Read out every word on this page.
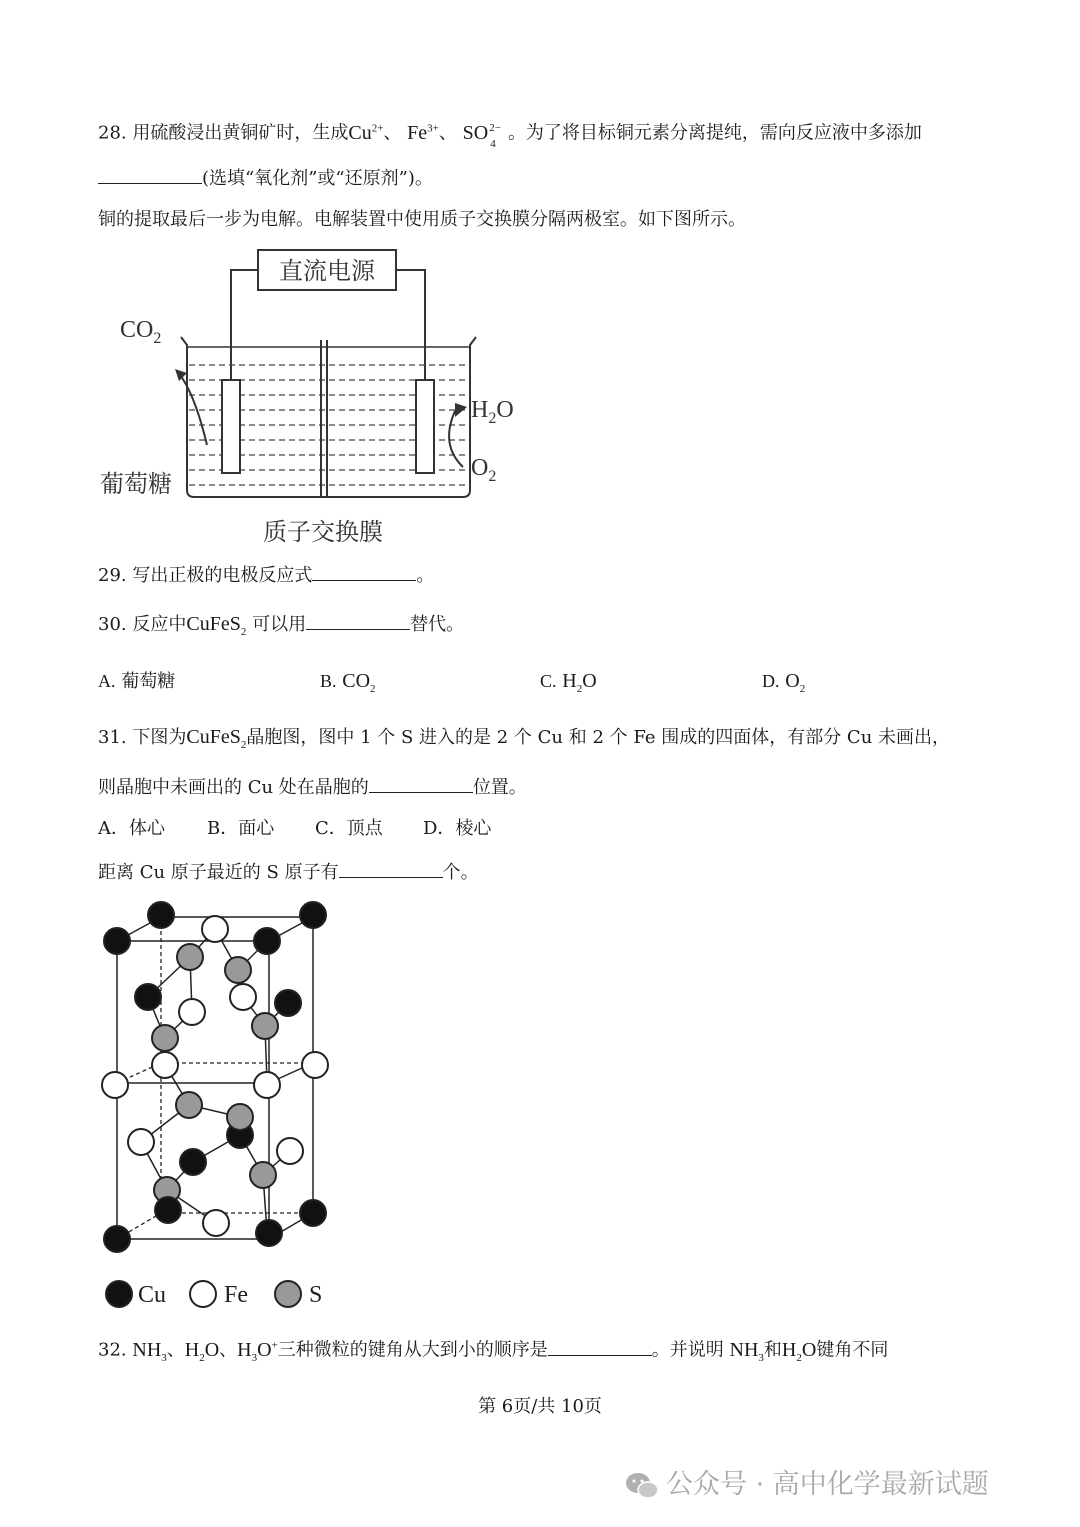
28. 用硫酸浸出黄铜矿时，生成$Cu^{2+}$、 $Fe^{3+}$、 SO 2−
4 。为了将目标铜元素分离提纯，需向反应液中多添加
(选填“氧化剂”或“还原剂”)。
铜的提取最后一步为电解。电解装置中使用质子交换膜分隔两极室。如下图所示。
直流电源
$CO_2$
$H_2O$
$O_2$
葡萄糖
质子交换膜
29. 写出正极的电极反应式	。
30. 反应中CuFeS$_2$ 可以用	替代。
A. 葡萄糖	B. $CO_2$	C. $H_2O$	D. $O_2$
31. 下图为CuFeS$_2$晶胞图，图中 1 个 S 进入的是 2 个 Cu 和 2 个 Fe 围成的四面体，有部分 Cu 未画出，
则晶胞中未画出的 Cu 处在晶胞的	位置。
A．体心 B．面心 C．顶点 D．棱心
距离 Cu 原子最近的 S 原子有	个。
Cu Fe	S
32. $NH_3$、$H_2O$、$H_3O^+$三种微粒的键角从大到小的顺序是	。并说明 $NH_3$和$H_2O$键角不同
第 6页/共 10页
公众号 · 高中化学最新试题
